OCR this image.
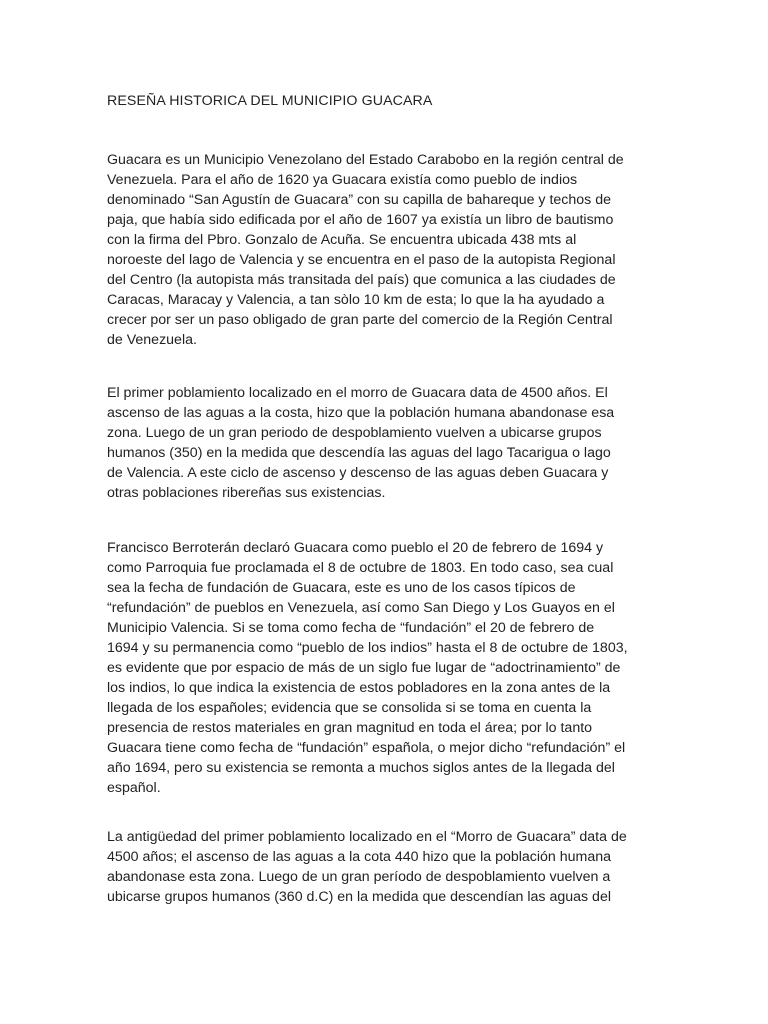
RESEÑA HISTORICA DEL MUNICIPIO GUACARA
Guacara es un Municipio Venezolano del Estado Carabobo en la región central de
Venezuela. Para el año de 1620 ya Guacara existía como pueblo de indios
denominado “San Agustín de Guacara” con su capilla de bahareque y techos de
paja, que había sido edificada por el año de 1607 ya existía un libro de bautismo
con la firma del Pbro. Gonzalo de Acuña. Se encuentra ubicada 438 mts al
noroeste del lago de Valencia y se encuentra en el paso de la autopista Regional
del Centro (la autopista más transitada del país) que comunica a las ciudades de
Caracas, Maracay y Valencia, a tan sòlo 10 km de esta; lo que la ha ayudado a
crecer por ser un paso obligado de gran parte del comercio de la Región Central
de Venezuela.
El primer poblamiento localizado en el morro de Guacara data de 4500 años. El
ascenso de las aguas a la costa, hizo que la población humana abandonase esa
zona. Luego de un gran periodo de despoblamiento vuelven a ubicarse grupos
humanos (350) en la medida que descendía las aguas del lago Tacarigua o lago
de Valencia. A este ciclo de ascenso y descenso de las aguas deben Guacara y
otras poblaciones ribereñas sus existencias.
Francisco Berroterán declaró Guacara como pueblo el 20 de febrero de 1694 y
como Parroquia fue proclamada el 8 de octubre de 1803. En todo caso, sea cual
sea la fecha de fundación de Guacara, este es uno de los casos típicos de
“refundación” de pueblos en Venezuela, así como San Diego y Los Guayos en el
Municipio Valencia. Si se toma como fecha de “fundación” el 20 de febrero de
1694 y su permanencia como “pueblo de los indios” hasta el 8 de octubre de 1803,
es evidente que por espacio de más de un siglo fue lugar de “adoctrinamiento” de
los indios, lo que indica la existencia de estos pobladores en la zona antes de la
llegada de los españoles; evidencia que se consolida si se toma en cuenta la
presencia de restos materiales en gran magnitud en toda el área; por lo tanto
Guacara tiene como fecha de “fundación” española, o mejor dicho “refundación” el
año 1694, pero su existencia se remonta a muchos siglos antes de la llegada del
español.
La antigüedad del primer poblamiento localizado en el “Morro de Guacara” data de
4500 años; el ascenso de las aguas a la cota 440 hizo que la población humana
abandonase esta zona. Luego de un gran período de despoblamiento vuelven a
ubicarse grupos humanos (360 d.C) en la medida que descendían las aguas del
